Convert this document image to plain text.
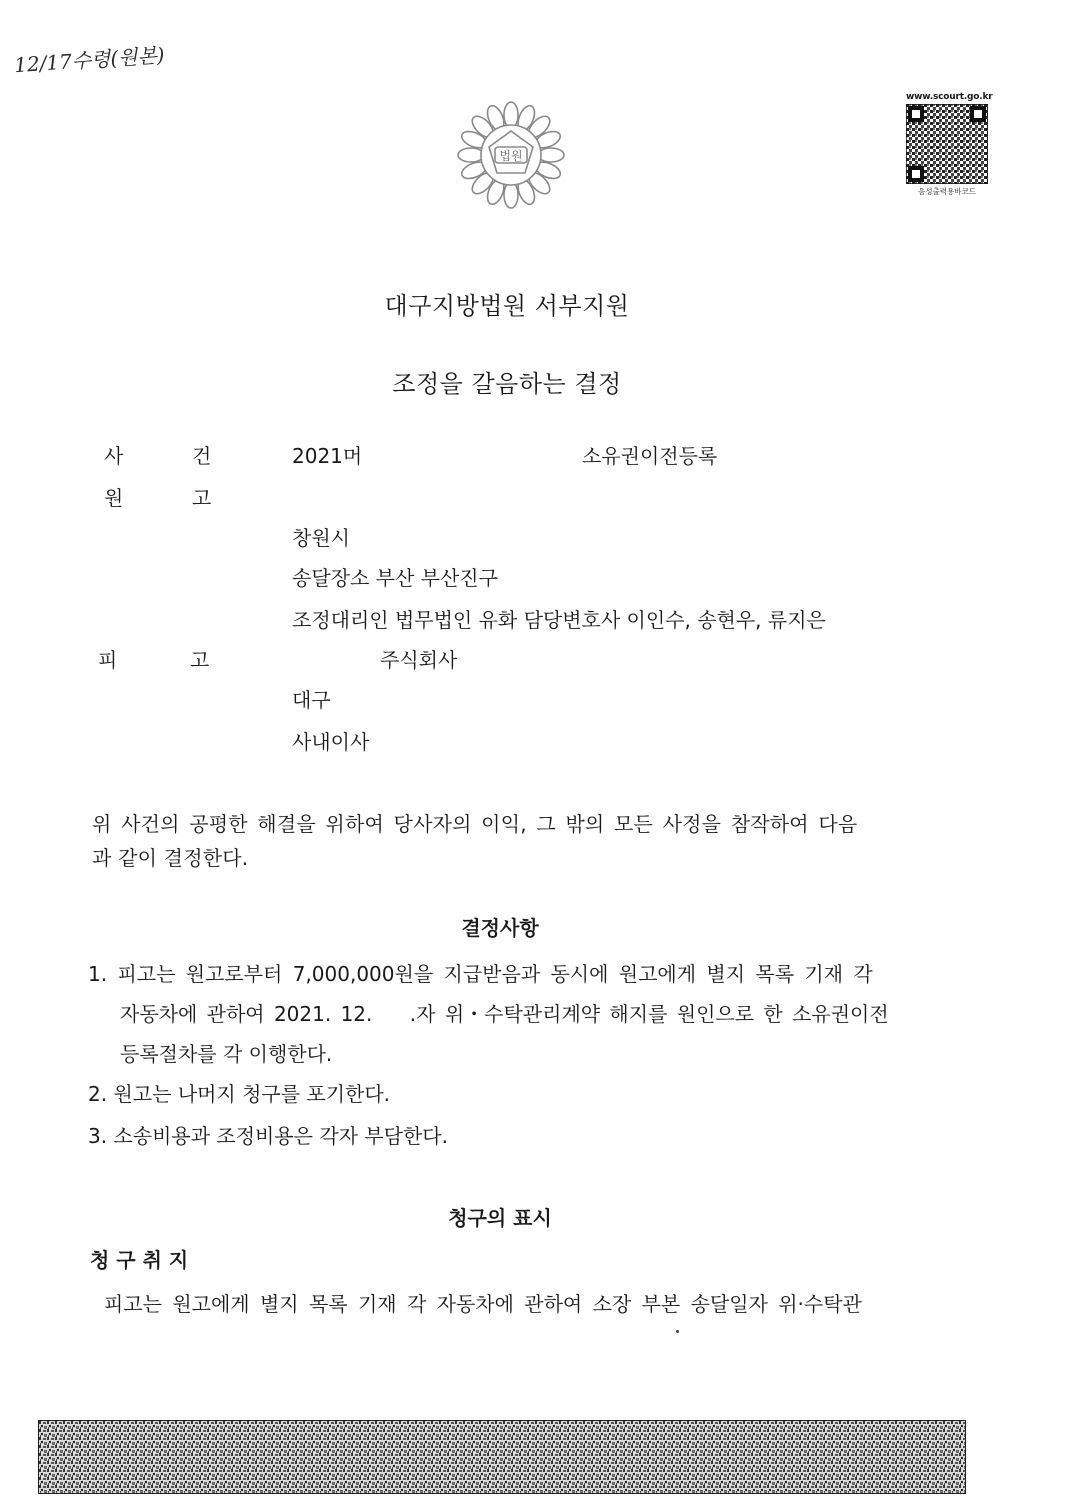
12/17수령(원본)
법원
www.scourt.go.kr
음성출력용바코드
대구지방법원 서부지원
조정을 갈음하는 결정
사	건	2021머	소유권이전등록
원	고
창원시
송달장소 부산 부산진구
조정대리인 법무법인 유화 담당변호사 이인수, 송현우, 류지은
피	고	주식회사
대구
사내이사
위 사건의 공평한 해결을 위하여 당사자의 이익, 그 밖의 모든 사정을 참작하여 다음
과 같이 결정한다.
결정사항
1. 피고는 원고로부터 7,000,000원을 지급받음과 동시에 원고에게 별지 목록 기재 각
자동차에 관하여 2021. 12.    .자 위・수탁관리계약 해지를 원인으로 한 소유권이전
등록절차를 각 이행한다.
2. 원고는 나머지 청구를 포기한다.
3. 소송비용과 조정비용은 각자 부담한다.
청구의 표시
청 구 취 지
피고는 원고에게 별지 목록 기재 각 자동차에 관하여 소장 부본 송달일자 위·수탁관
